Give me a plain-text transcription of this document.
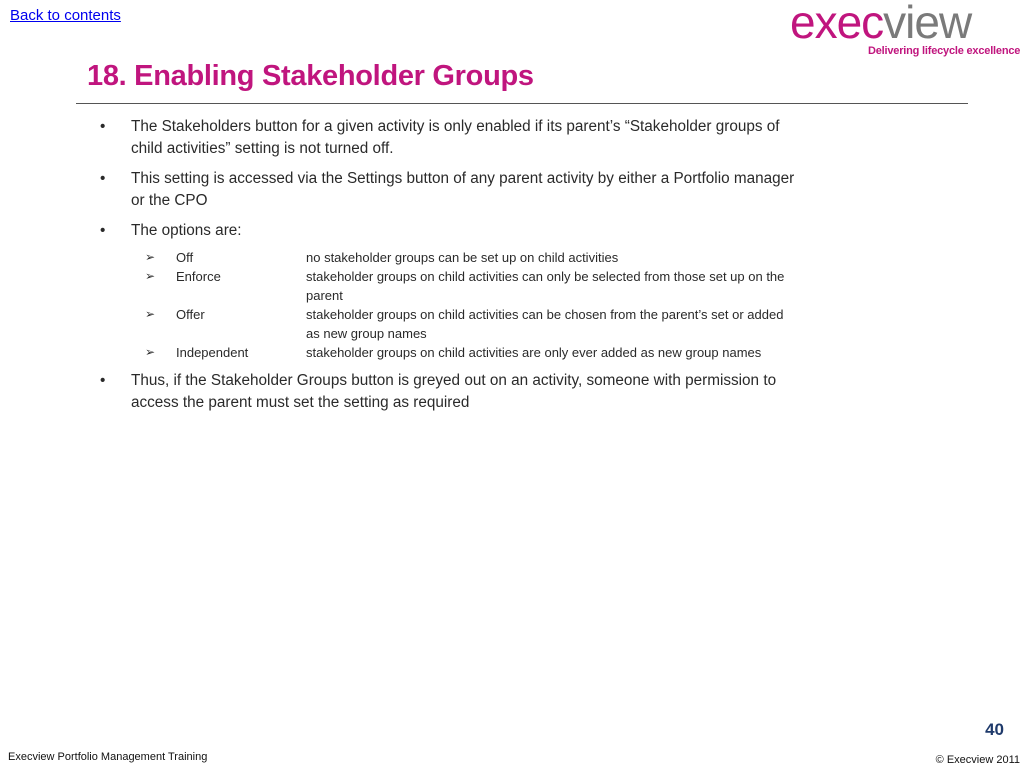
Back to contents	execview
Delivering lifecycle excellence
18. Enabling Stakeholder Groups
•	The Stakeholders button for a given activity is only enabled if its parent’s “Stakeholder groups of child activities” setting is not turned off.
•	This setting is accessed via the Settings button of any parent activity by either a Portfolio manager or the CPO
•	The options are:
➢ Off	no stakeholder groups can be set up on child activities
➢ Enforce	stakeholder groups on child activities can only be selected from those set up on the parent
➢ Offer	stakeholder groups on child activities can be chosen from the parent’s set or added as new group names
➢ Independent	stakeholder groups on child activities are only ever added as new group names
•	Thus, if the Stakeholder Groups button is greyed out on an activity, someone with permission to access the parent must set the setting as required
40
Execview Portfolio Management Training	© Execview 2011
